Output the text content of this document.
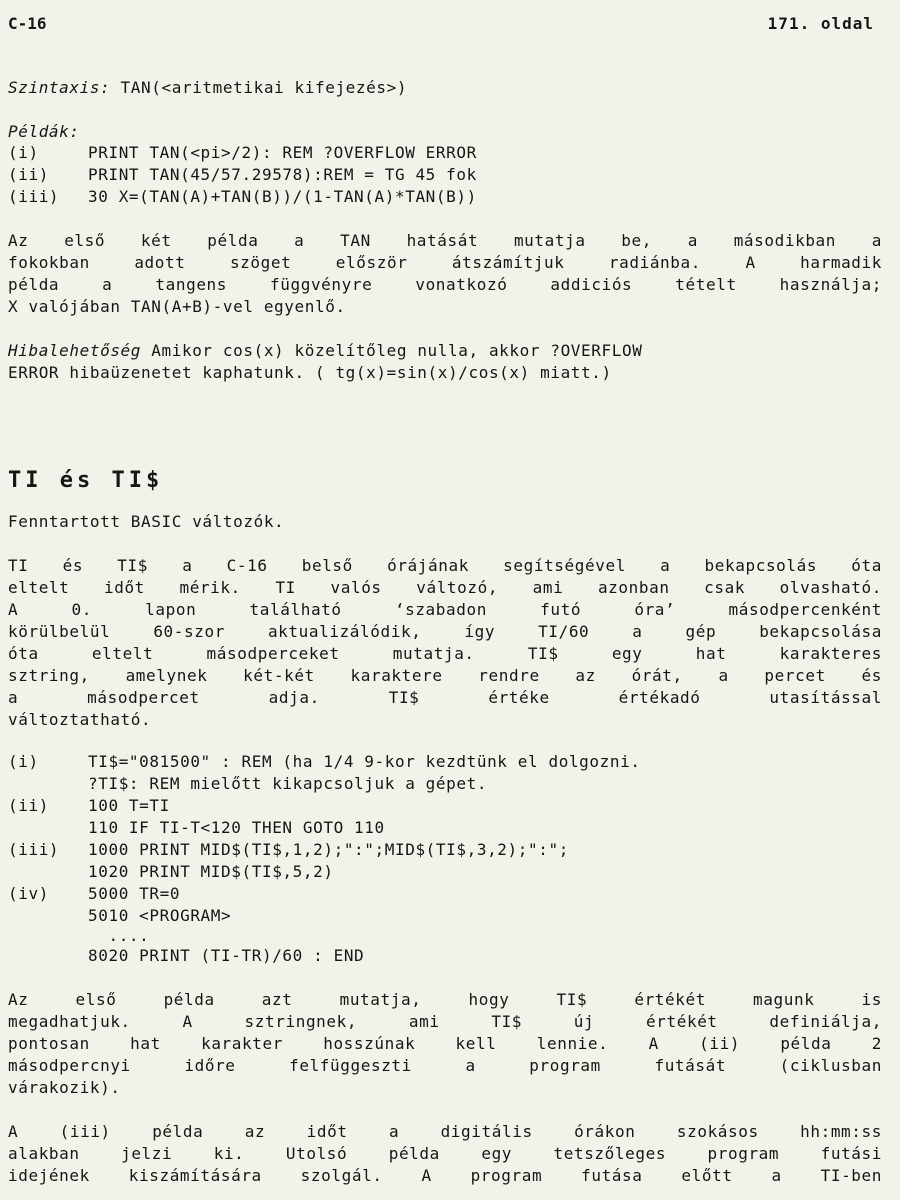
C-16	171. oldal
Szintaxis: TAN(<aritmetikai kifejezés>)
Példák:
(i)	PRINT TAN(<pi>/2): REM ?OVERFLOW ERROR
(ii) PRINT TAN(45/57.29578):REM = TG 45 fok
(iii) 30 X=(TAN(A)+TAN(B))/(1-TAN(A)*TAN(B))
Az első két példa a TAN hatását mutatja be, a másodikban a
fokokban adott szöget először átszámítjuk radiánba. A harmadik
példa a tangens függvényre vonatkozó addiciós tételt használja;
X valójában TAN(A+B)-vel egyenlő.
Hibalehetőség Amikor cos(x) közelítőleg nulla, akkor ?OVERFLOW
ERROR hibaüzenetet kaphatunk. ( tg(x)=sin(x)/cos(x) miatt.)
TI és TI$
Fenntartott BASIC változók.
TI és TI$ a C-16 belső órájának segítségével a bekapcsolás óta
eltelt időt mérik. TI valós változó, ami azonban csak olvasható.
A 0. lapon található ‘szabadon futó óra’ másodpercenként
körülbelül 60-szor aktualizálódik, így TI/60 a gép bekapcsolása
óta eltelt másodperceket mutatja. TI$ egy hat karakteres
sztring, amelynek két-két karaktere rendre az órát, a percet és
a másodpercet adja. TI$ értéke értékadó utasítással
változtatható.
(i)	TI$="081500" : REM (ha 1/4 9-kor kezdtünk el dolgozni.
?TI$: REM mielőtt kikapcsoljuk a gépet.
(ii) 100 T=TI
110 IF TI-T<120 THEN GOTO 110
(iii) 1000 PRINT MID$(TI$,1,2);":";MID$(TI$,3,2);":";
1020 PRINT MID$(TI$,5,2)
(iv) 5000 TR=0
5010 <PROGRAM>
....
8020 PRINT (TI-TR)/60 : END
Az első példa azt mutatja, hogy TI$ értékét magunk is
megadhatjuk. A sztringnek, ami TI$ új értékét definiálja,
pontosan hat karakter hosszúnak kell lennie. A (ii) példa 2
másodpercnyi időre felfüggeszti a program futását (ciklusban
várakozik).
A (iii) példa az időt a digitális órákon szokásos hh:mm:ss
alakban jelzi ki. Utolsó példa egy tetszőleges program futási
idejének kiszámítására szolgál. A program futása előtt a TI-ben
